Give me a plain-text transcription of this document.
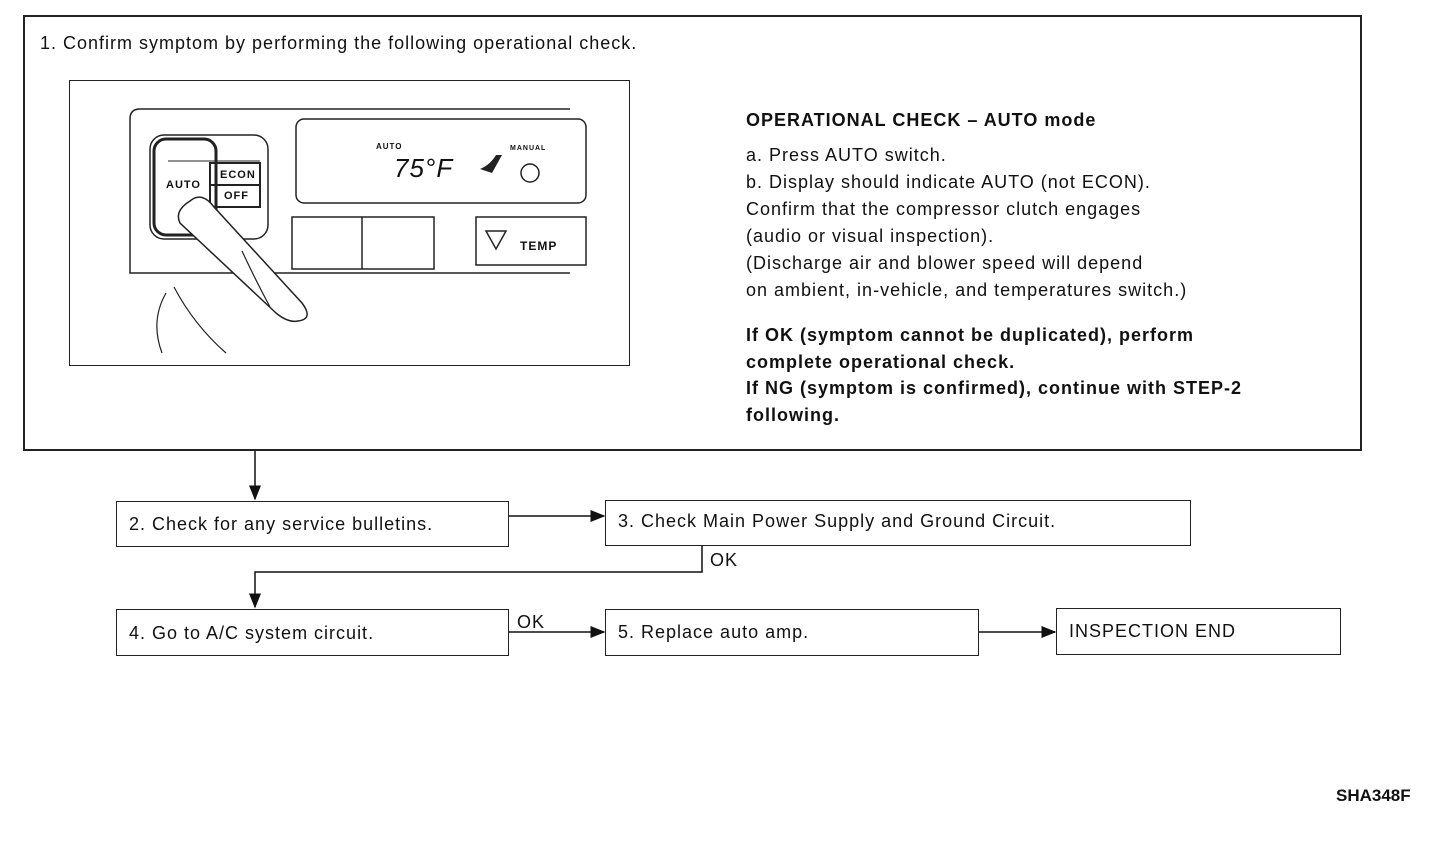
1. Confirm symptom by performing the following operational check.
AUTO
ECON
OFF
AUTO
75°F
MANUAL
TEMP
OPERATIONAL CHECK – AUTO mode
a. Press AUTO switch.
b. Display should indicate AUTO (not ECON).
Confirm that the compressor clutch engages
(audio or visual inspection).
(Discharge air and blower speed will depend
on ambient, in-vehicle, and temperatures switch.)
If OK (symptom cannot be duplicated), perform
complete operational check.
If NG (symptom is confirmed), continue with STEP-2
following.
2. Check for any service bulletins.	3. Check Main Power Supply and Ground Circuit.
OK
4. Go to A/C system circuit.
OK	5. Replace auto amp.	INSPECTION END
SHA348F
